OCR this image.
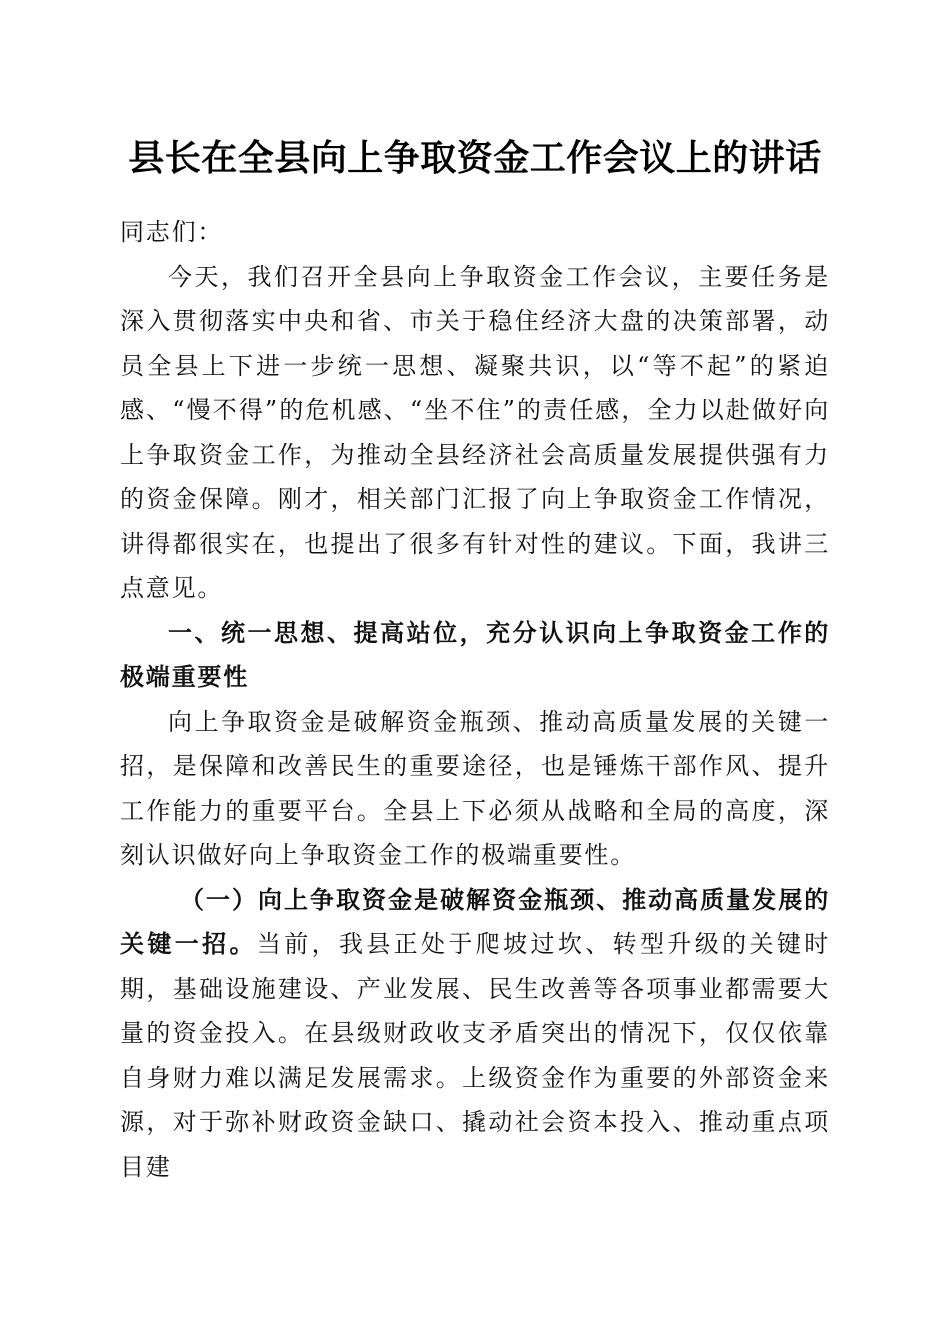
县长在全县向上争取资金工作会议上的讲话

同志们：

今天，我们召开全县向上争取资金工作会议，主要任务是深入贯彻落实中央和省、市关于稳住经济大盘的决策部署，动员全县上下进一步统一思想、凝聚共识，以“等不起”的紧迫感、“慢不得”的危机感、“坐不住”的责任感，全力以赴做好向上争取资金工作，为推动全县经济社会高质量发展提供强有力的资金保障。刚才，相关部门汇报了向上争取资金工作情况，讲得都很实在，也提出了很多有针对性的建议。下面，我讲三点意见。

一、统一思想、提高站位，充分认识向上争取资金工作的极端重要性

向上争取资金是破解资金瓶颈、推动高质量发展的关键一招，是保障和改善民生的重要途径，也是锤炼干部作风、提升工作能力的重要平台。全县上下必须从战略和全局的高度，深刻认识做好向上争取资金工作的极端重要性。

（一）向上争取资金是破解资金瓶颈、推动高质量发展的关键一招。当前，我县正处于爬坡过坎、转型升级的关键时期，基础设施建设、产业发展、民生改善等各项事业都需要大量的资金投入。在县级财政收支矛盾突出的情况下，仅仅依靠自身财力难以满足发展需求。上级资金作为重要的外部资金来源，对于弥补财政资金缺口、撬动社会资本投入、推动重点项目建
